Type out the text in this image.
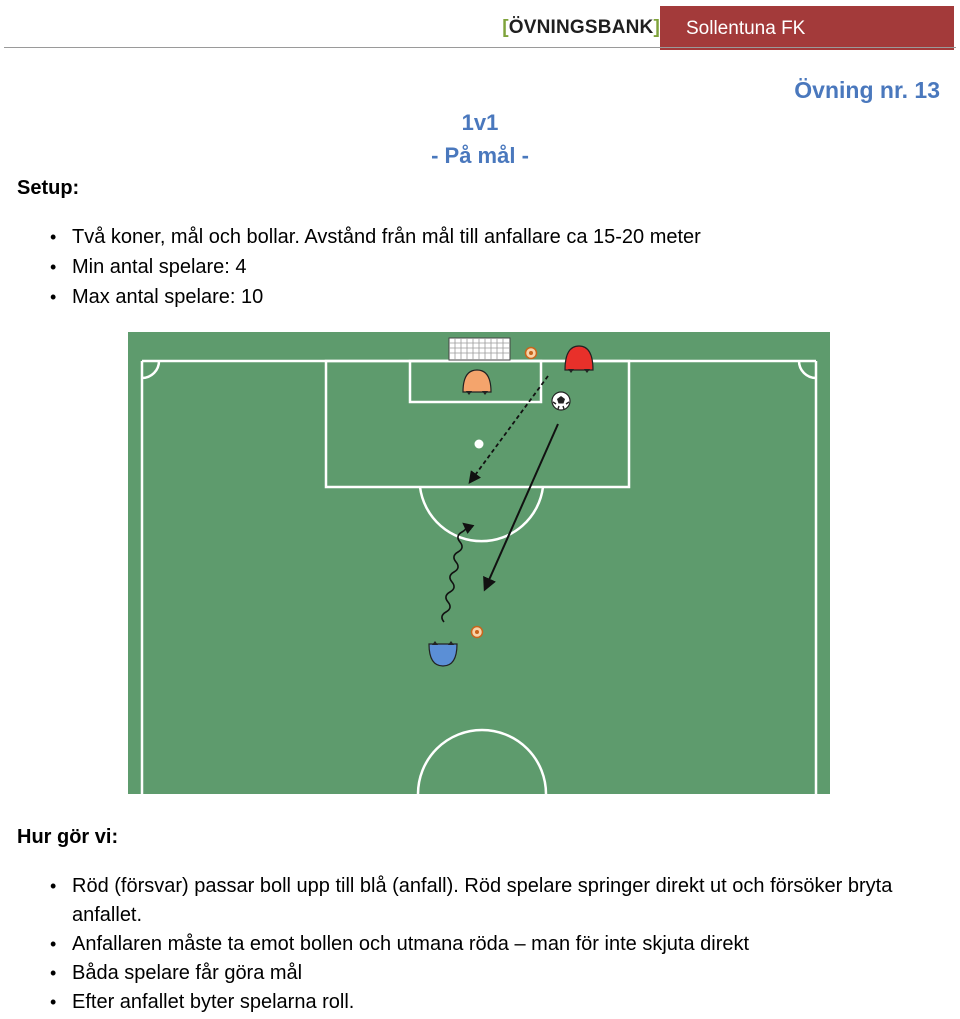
[ÖVNINGSBANK]	Sollentuna FK
Övning nr. 13
1v1
- På mål -
Setup:
• Två koner, mål och bollar. Avstånd från mål till anfallare ca 15-20 meter
• Min antal spelare: 4
• Max antal spelare: 10
Hur gör vi:
• Röd (försvar) passar boll upp till blå (anfall). Röd spelare springer direkt ut och försöker bryta anfallet.
• Anfallaren måste ta emot bollen och utmana röda – man för inte skjuta direkt
• Båda spelare får göra mål
• Efter anfallet byter spelarna roll.
